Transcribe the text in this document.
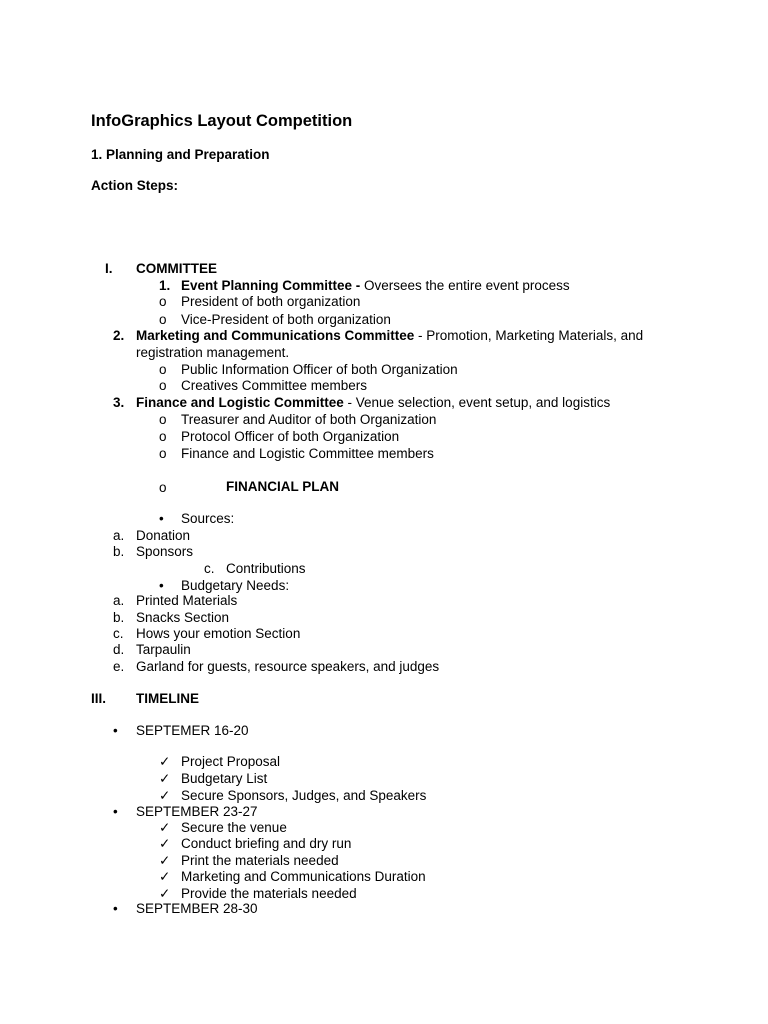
InfoGraphics Layout Competition
1. Planning and Preparation
Action Steps:
I. COMMITTEE
1. Event Planning Committee - Oversees the entire event process
o President of both organization
o Vice-President of both organization
2. Marketing and Communications Committee - Promotion, Marketing Materials, and
registration management.
o Public Information Officer of both Organization
o Creatives Committee members
3. Finance and Logistic Committee - Venue selection, event setup, and logistics
o Treasurer and Auditor of both Organization
o Protocol Officer of both Organization
o Finance and Logistic Committee members
o	FINANCIAL PLAN
• Sources:
a. Donation
b. Sponsors
c. Contributions
• Budgetary Needs:
a. Printed Materials
b. Snacks Section
c. Hows your emotion Section
d. Tarpaulin
e. Garland for guests, resource speakers, and judges
III. TIMELINE
• SEPTEMER 16-20
✓ Project Proposal
✓ Budgetary List
✓ Secure Sponsors, Judges, and Speakers
• SEPTEMBER 23-27
✓ Secure the venue
✓ Conduct briefing and dry run
✓ Print the materials needed
✓ Marketing and Communications Duration
✓ Provide the materials needed
• SEPTEMBER 28-30
